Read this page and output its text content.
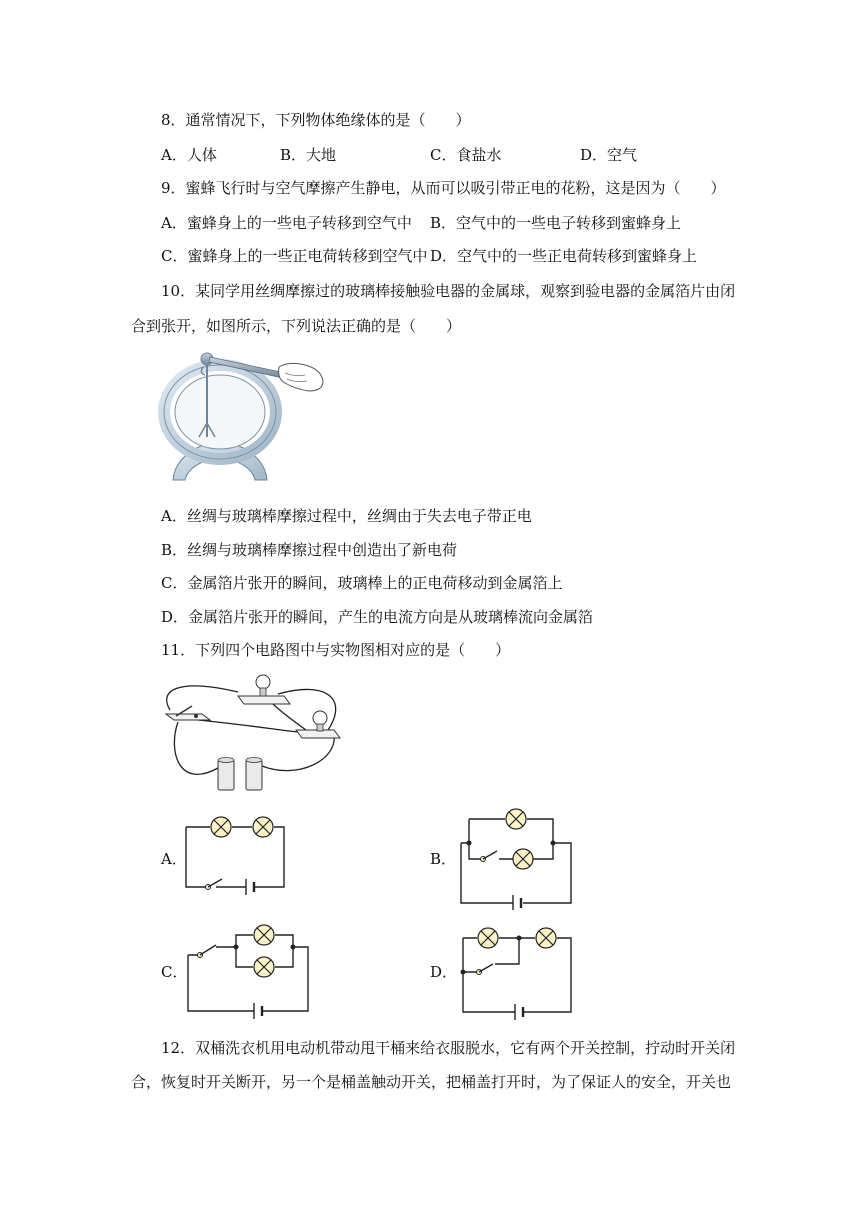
8．通常情况下，下列物体绝缘体的是（　　）
A．人体	B．大地	C．食盐水	D．空气
9．蜜蜂飞行时与空气摩擦产生静电，从而可以吸引带正电的花粉，这是因为（　　）
A．蜜蜂身上的一些电子转移到空气中 B．空气中的一些电子转移到蜜蜂身上
C．蜜蜂身上的一些正电荷转移到空气中 D．空气中的一些正电荷转移到蜜蜂身上
10．某同学用丝绸摩擦过的玻璃棒接触验电器的金属球，观察到验电器的金属箔片由闭
合到张开，如图所示，下列说法正确的是（　　）
A．丝绸与玻璃棒摩擦过程中，丝绸由于失去电子带正电
B．丝绸与玻璃棒摩擦过程中创造出了新电荷
C．金属箔片张开的瞬间，玻璃棒上的正电荷移动到金属箔上
D．金属箔片张开的瞬间，产生的电流方向是从玻璃棒流向金属箔
11．下列四个电路图中与实物图相对应的是（　　）
A．	B．
C．	D．
12．双桶洗衣机用电动机带动甩干桶来给衣服脱水，它有两个开关控制，拧动时开关闭
合，恢复时开关断开，另一个是桶盖触动开关，把桶盖打开时，为了保证人的安全，开关也
